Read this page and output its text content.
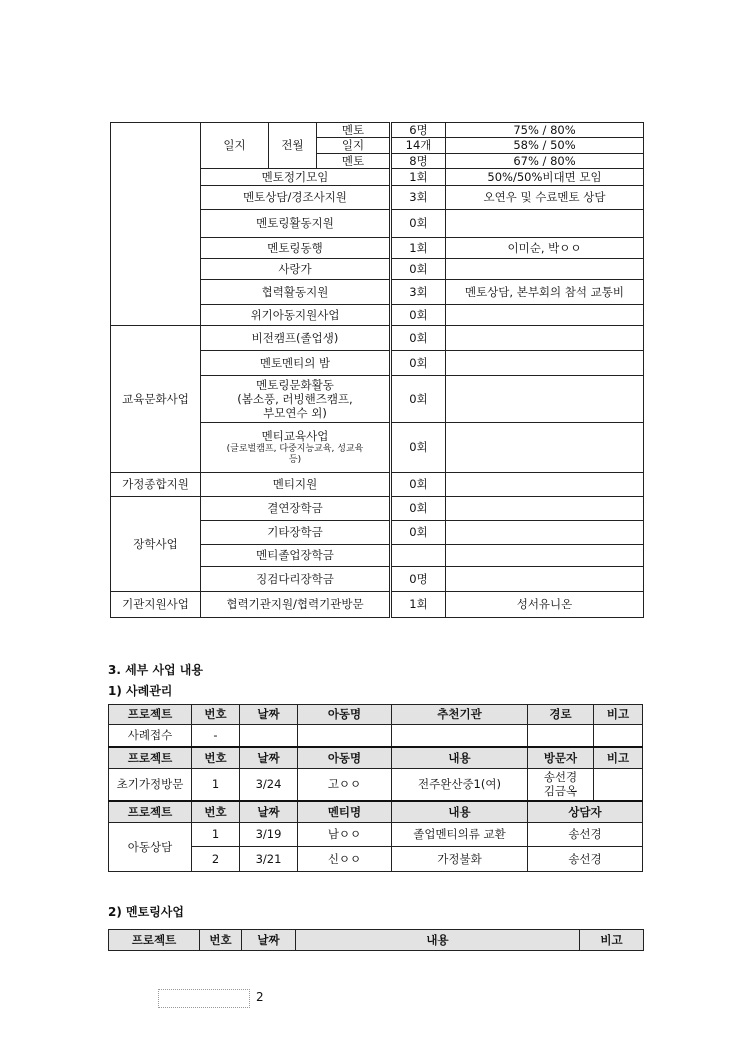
	일지	전월	멘토	6명	75% / 80%
			일지	14개	58% / 50%
			멘토	8명	67% / 80%
	멘토정기모임			1회	50%/50%비대면 모임
	멘토상담/경조사지원			3회	오연우 및 수료멘토 상담
	멘토링활동지원			0회	
	멘토링동행			1회	이미순, 박ㅇㅇ
	사랑가			0회	
	협력활동지원			3회	멘토상담, 본부회의 참석 교통비
	위기아동지원사업			0회	
교육문화사업	비전캠프(졸업생)			0회	
	멘토멘티의 밤			0회	

	멘토링문화활동
(봄소풍, 러빙핸즈캠프,
부모연수 외)			0회	

	멘티교육사업
(글로벌캠프, 다중지능교육, 성교육
등)			0회	
가정종합지원	멘티지원			0회	
장학사업	결연장학금			0회	
	기타장학금			0회	
	멘티졸업장학금				
	징검다리장학금			0명	
기관지원사업	협력기관지원/협력기관방문			1회	성서유니온
3. 세부 사업 내용
1) 사례관리
프로젝트	번호	날짜	아동명	추천기관	경로	비고
사례접수	-					
프로젝트	번호	날짜	아동명	내용	방문자	비고
초기가정방문	1	3/24	고ㅇㅇ	전주완산중1(여)	송선경
김금옥	

프로젝트	번호	날짜	멘티명	내용	상담자	
아동상담	1	3/19	남ㅇㅇ	졸업멘티의류 교환	송선경	
	2	3/21	신ㅇㅇ	가정불화	송선경	
2) 멘토링사업
프로젝트	번호	날짜	내용	비고
2
